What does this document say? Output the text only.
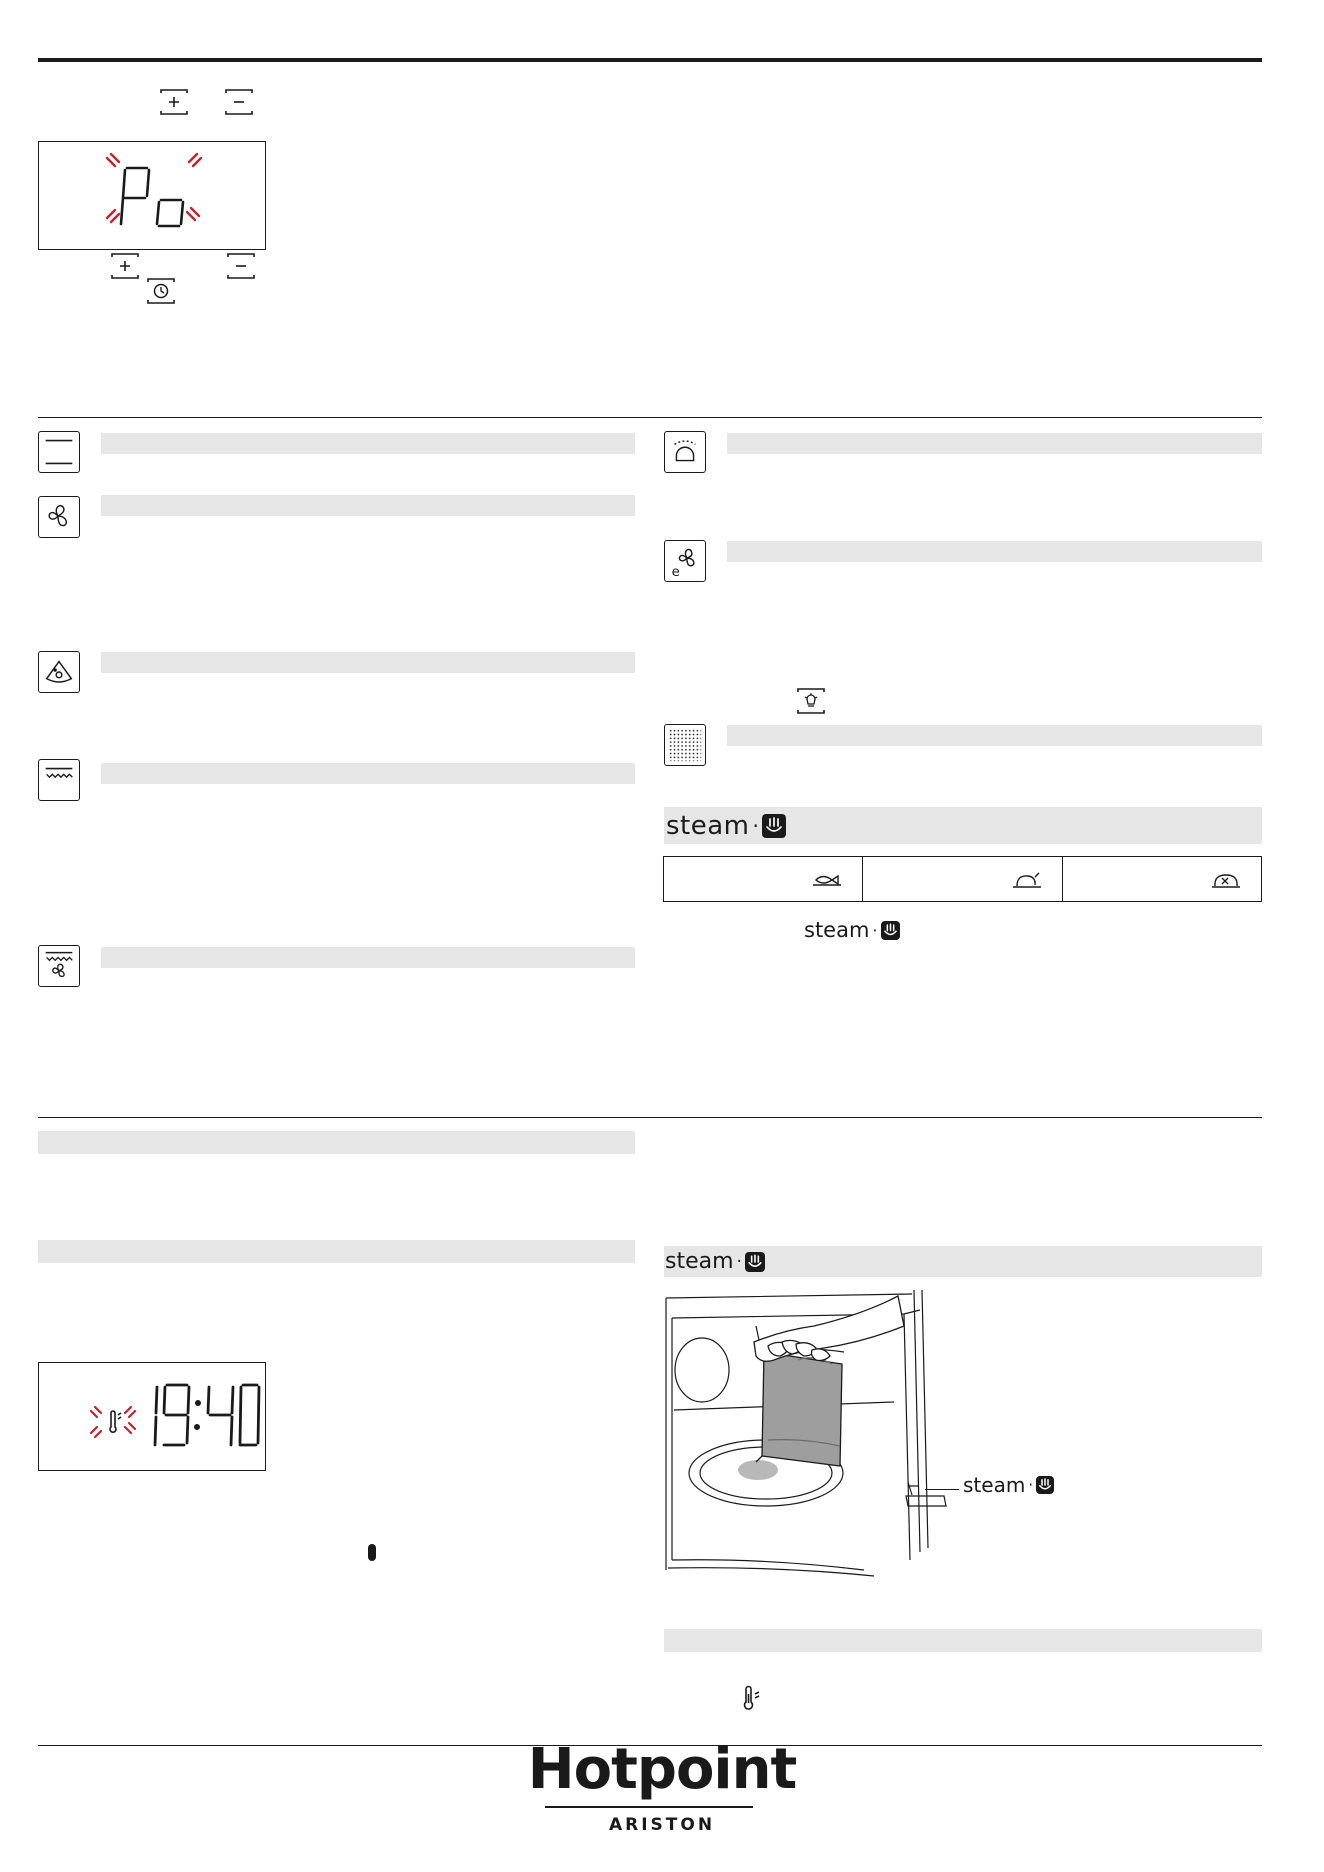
e
steam ·
steam ·
steam ·
steam ·
Hotpoint
ARISTON
